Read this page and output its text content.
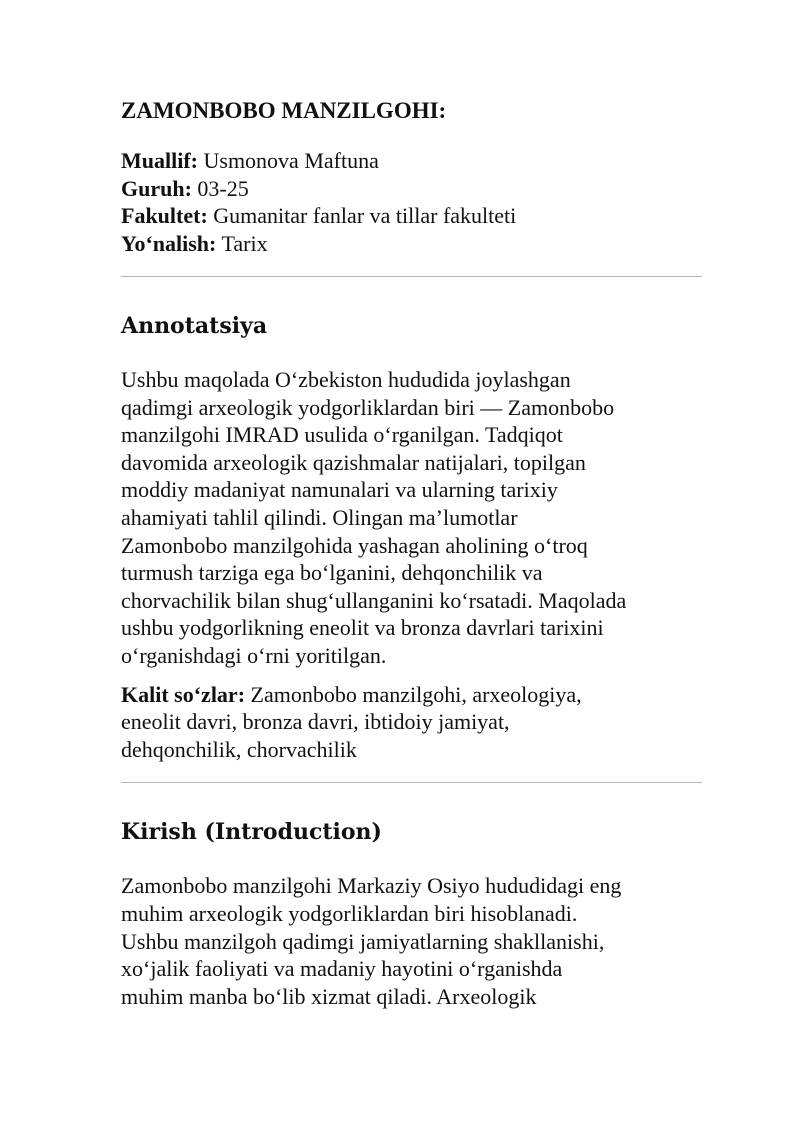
ZAMONBOBO MANZILGOHI:
Muallif: Usmonova Maftuna
Guruh: 03-25
Fakultet: Gumanitar fanlar va tillar fakulteti
Yo‘nalish: Tarix
Annotatsiya

Ushbu maqolada O‘zbekiston hududida joylashgan
qadimgi arxeologik yodgorliklardan biri — Zamonbobo
manzilgohi IMRAD usulida o‘rganilgan. Tadqiqot
davomida arxeologik qazishmalar natijalari, topilgan
moddiy madaniyat namunalari va ularning tarixiy
ahamiyati tahlil qilindi. Olingan ma’lumotlar
Zamonbobo manzilgohida yashagan aholining o‘troq
turmush tarziga ega bo‘lganini, dehqonchilik va
chorvachilik bilan shug‘ullanganini ko‘rsatadi. Maqolada
ushbu yodgorlikning eneolit va bronza davrlari tarixini
o‘rganishdagi o‘rni yoritilgan.

Kalit so‘zlar: Zamonbobo manzilgohi, arxeologiya,
eneolit davri, bronza davri, ibtidoiy jamiyat,
dehqonchilik, chorvachilik

Kirish (Introduction)

Zamonbobo manzilgohi Markaziy Osiyo hududidagi eng
muhim arxeologik yodgorliklardan biri hisoblanadi.
Ushbu manzilgoh qadimgi jamiyatlarning shakllanishi,
xo‘jalik faoliyati va madaniy hayotini o‘rganishda
muhim manba bo‘lib xizmat qiladi. Arxeologik
